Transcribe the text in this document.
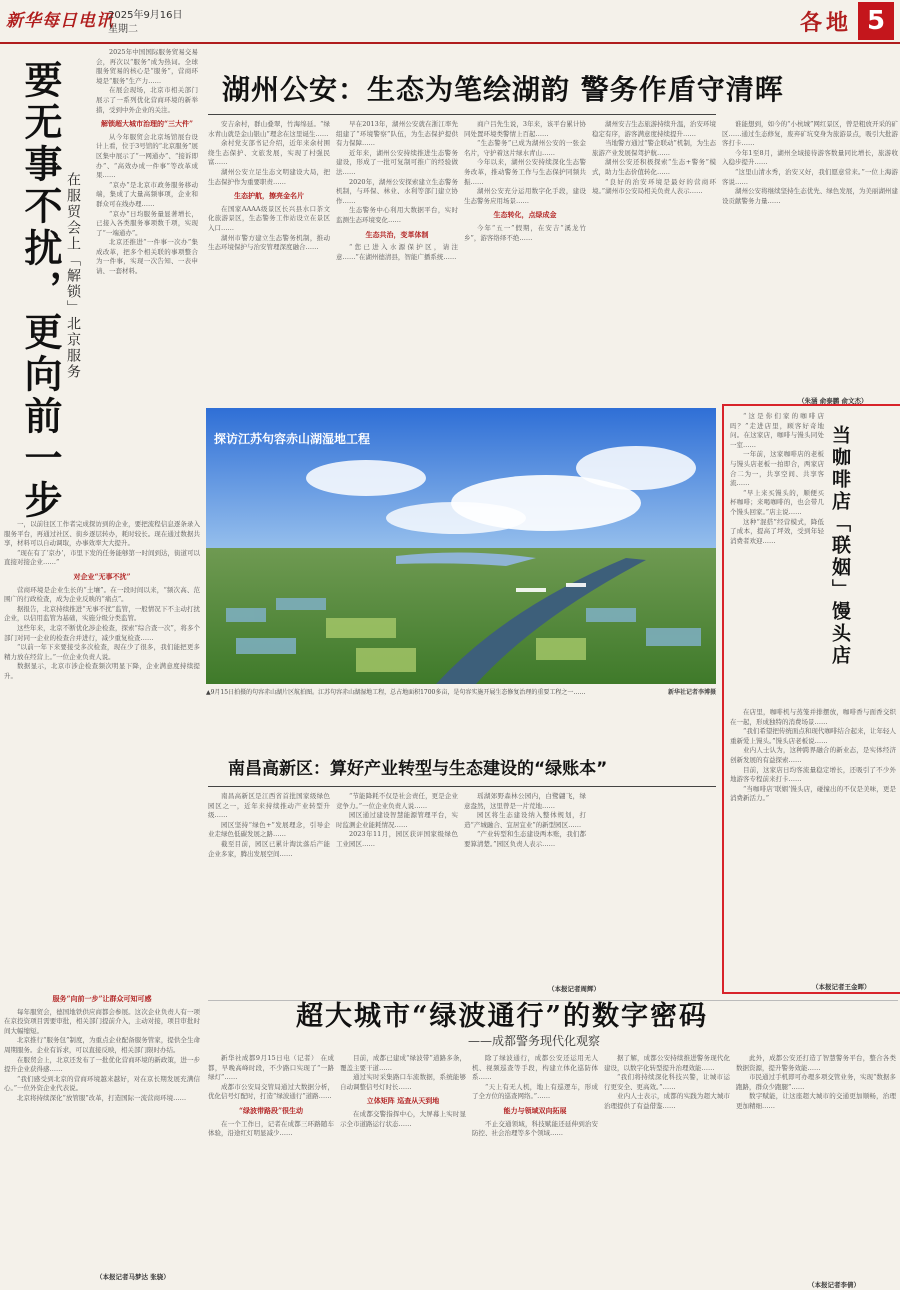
新华每日电讯
2025年9月16日
星期二	各地 5
要无事不扰，更向前一步 在服贸会上「解锁」北京服务

2025年中国国际服务贸易交易会，再次以“服务”成为热词。全球服务贸易的核心是“服务”，营商环境是“服务”生产力……

在展会现场，北京市相关部门展示了一系列优化营商环境的新举措，受到中外企业的关注。

解锁超大城市治理的“三大件”

从今年服贸会北京场馆展台设计上看，位于3号馆的“北京服务”展区集中展示了“一网通办”、“接诉即办”、“高效办成一件事”等改革成果……

“京办”是北京市政务服务移动端，集成了大量高频事项，企业和群众可在线办理……

“京办”日均服务量显著增长，已接入各类服务事项数千项，实现了“一端通办”。

北京还推进“一件事一次办”集成改革，把多个相关联的事项整合为一件事，实现一次告知、一表申请、一套材料。

一，以前往区工作者完成探访到的企业，要把流程信息逐条录入服务平台，再通过社区、街乡逐层转办，耗时较长。现在通过数据共享，材料可以自动调取，办事效率大大提升。

“现在有了‘京办’，市里下发的任务能够第一时间到达，街道可以直接对接企业……”

对企业“无事不扰”

营商环境是企业生长的“土壤”。在一段时间以来，“频次高、范围广的行政检查，成为企业反映的“痛点”。

据报告，北京持续推进“无事不扰”监管，一般情况下不主动打扰企业，以信用监管为基础，实施分级分类监管。

这些年来，北京不断优化涉企检查，探索“综合查一次”，将多个部门对同一企业的检查合并进行，减少重复检查……

“以前一年下来要接受多次检查，现在少了很多，我们能把更多精力放在经营上。”一位企业负责人说。

数据显示，北京市涉企检查频次明显下降，企业满意度持续提升。

服务“向前一步”让群众可知可感

每年服贸会，德国地铁供应商都会参展。这次企业负责人有一项在京投资项目需要审批，相关部门提前介入，主动对接，项目审批时间大幅缩短。

北京推行“服务包”制度，为重点企业配备服务管家，提供全生命周期服务。企业有诉求，可以直接反映，相关部门限时办结。

在服贸会上，北京还发布了一批优化营商环境的新政策，进一步提升企业获得感……

“我们感受到北京的营商环境越来越好，对在京长期发展充满信心。”一位外资企业代表说。

北京将持续深化“放管服”改革，打造国际一流营商环境……

（本报记者马梦达 张骁）
湖州公安：生态为笔绘湖韵 警务作盾守清晖

安吉余村，群山叠翠，竹海绵延。“绿水青山就是金山银山”理念在这里诞生……

余村党支部书记介绍，近年来余村围绕生态保护、文旅发展，实现了村强民富……

湖州公安立足生态文明建设大局，把生态保护作为重要职责……

生态护航，擦亮金名片

在国家AAAA级景区长兴县水口茶文化旅游景区，生态警务工作站设立在景区入口……

湖州市警方建立生态警务机制，推动生态环境保护与治安管理深度融合……

早在2013年，湖州公安就在浙江率先组建了“环境警察”队伍，为生态保护提供有力保障……

近年来，湖州公安持续推进生态警务建设，形成了一批可复制可推广的经验做法……

2020年，湖州公安探索建立生态警务机制，与环保、林业、水利等部门建立协作……

生态警务中心利用大数据平台，实时监测生态环境变化……

生态共治，变革体制

“您已进入水源保护区，请注意……”在湖州德清县，智能广播系统……

商户吕先生说，3年来，该平台累计协同处置环境类警情上百起……

“生态警务”已成为湖州公安的一张金名片，守护着这片绿水青山……

今年以来，湖州公安持续深化生态警务改革，推动警务工作与生态保护同频共振……

湖州公安充分运用数字化手段，建设生态警务应用场景……

生态转化，点绿成金

今年“五一”假期，在安吉“溪龙竹乡”，游客络绎不绝……

湖州安吉生态旅游持续升温，治安环境稳定有序，游客满意度持续提升……

当地警方通过“警企联动”机制，为生态旅游产业发展保驾护航……

湖州公安还积极探索“生态+警务”模式，助力生态价值转化……

“良好的治安环境是最好的营商环境。”湖州市公安局相关负责人表示……

谁能想到，如今的“小杭城”网红景区，曾是粗放开采的矿区……通过生态修复，废弃矿坑变身为旅游景点，吸引大批游客打卡……

今年1至8月，湖州全域接待游客数量同比增长，旅游收入稳步提升……

“这里山清水秀，治安又好，我们愿意常来。”一位上海游客说……

湖州公安将继续坚持生态优先、绿色发展，为美丽湖州建设贡献警务力量……

（朱涵 俞泰鹏 俞文杰）
探访江苏句容赤山湖湿地工程
▲9月15日拍摄的句容赤山湖片区航拍图。江苏句容赤山湖湿地工程，总占地面积1700多亩，是句容实施开展生态修复治理的重要工程之一……	新华社记者李博摄
当咖啡店「联姻」馒头店

“这是你们家的咖啡店吗？”走进店里，顾客好奇地问。在这家店，咖啡与馒头同处一室……

一年前，这家咖啡店的老板与馒头店老板一拍即合，两家店合二为一，共享空间、共享客流……

“早上来买馒头的，顺便买杯咖啡；来喝咖啡的，也会带几个馒头回家。”店主说……

这种“混搭”经营模式，降低了成本，提高了坪效，受到年轻消费者欢迎……

在店里，咖啡机与蒸笼并排摆放，咖啡香与面香交织在一起，形成独特的消费场景……

“我们希望把传统面点和现代咖啡结合起来，让年轻人重新爱上馒头。”馒头店老板说……

业内人士认为，这种跨界融合的新业态，是实体经济创新发展的有益探索……

目前，这家店日均客流量稳定增长，还吸引了不少外地游客专程前来打卡……

“当咖啡店‘联姻’馒头店，碰撞出的不仅是美味，更是消费新活力。”

（本报记者王金晖）
南昌高新区：算好产业转型与生态建设的“绿账本”

南昌高新区是江西省首批国家级绿色园区之一，近年来持续推动产业转型升级……

园区坚持“绿色+”发展理念，引导企业走绿色低碳发展之路……

截至目前，园区已累计淘汰落后产能企业多家，腾出发展空间……

“节能降耗不仅是社会责任，更是企业竞争力。”一位企业负责人说……

园区通过建设智慧能源管理平台，实时监测企业能耗情况……

2023年11月，园区获评国家级绿色工业园区……

瑶湖郊野森林公园内，白鹭翩飞，绿意盎然，这里曾是一片荒地……

园区将生态建设纳入整体规划，打造“产城融合、宜居宜业”的新型园区……

“产业转型和生态建设两本账，我们都要算清楚。”园区负责人表示……

（本报记者周辉）
超大城市“绿波通行”的数字密码
——成都警务现代化观察

新华社成都9月15日电（记者） 在成都，早晚高峰时段，不少路口实现了“一路绿灯”……

成都市公安局交管局通过大数据分析，优化信号灯配时，打造“绿波通行”道路……

“绿波带路段”很生动

在一个工作日，记者在成都三环路随车体验，沿途红灯明显减少……

目前，成都已建成“绿波带”道路多条，覆盖主要干道……

通过实时采集路口车流数据，系统能够自动调整信号灯时长……

立体矩阵 巡查从天到地

在成都交警指挥中心，大屏幕上实时显示全市道路运行状态……

除了绿波通行，成都公安还运用无人机、视频巡查等手段，构建立体化巡防体系……

“天上有无人机，地上有巡逻车，形成了全方位的巡查网络。”……

能力与领域双向拓展

不止交通领域，科技赋能还延伸到治安防控、社会治理等多个领域……

据了解，成都公安持续推进警务现代化建设，以数字化转型提升治理效能……

“我们将持续深化科技兴警，让城市运行更安全、更高效。”……

业内人士表示，成都的实践为超大城市治理提供了有益借鉴……

此外，成都公安还打造了智慧警务平台，整合各类数据资源，提升警务效能……

市民通过手机即可办理多项交管业务，实现“数据多跑路，群众少跑腿”……

数字赋能，让这座超大城市的交通更加顺畅，治理更加精细……

（本报记者李倩）
